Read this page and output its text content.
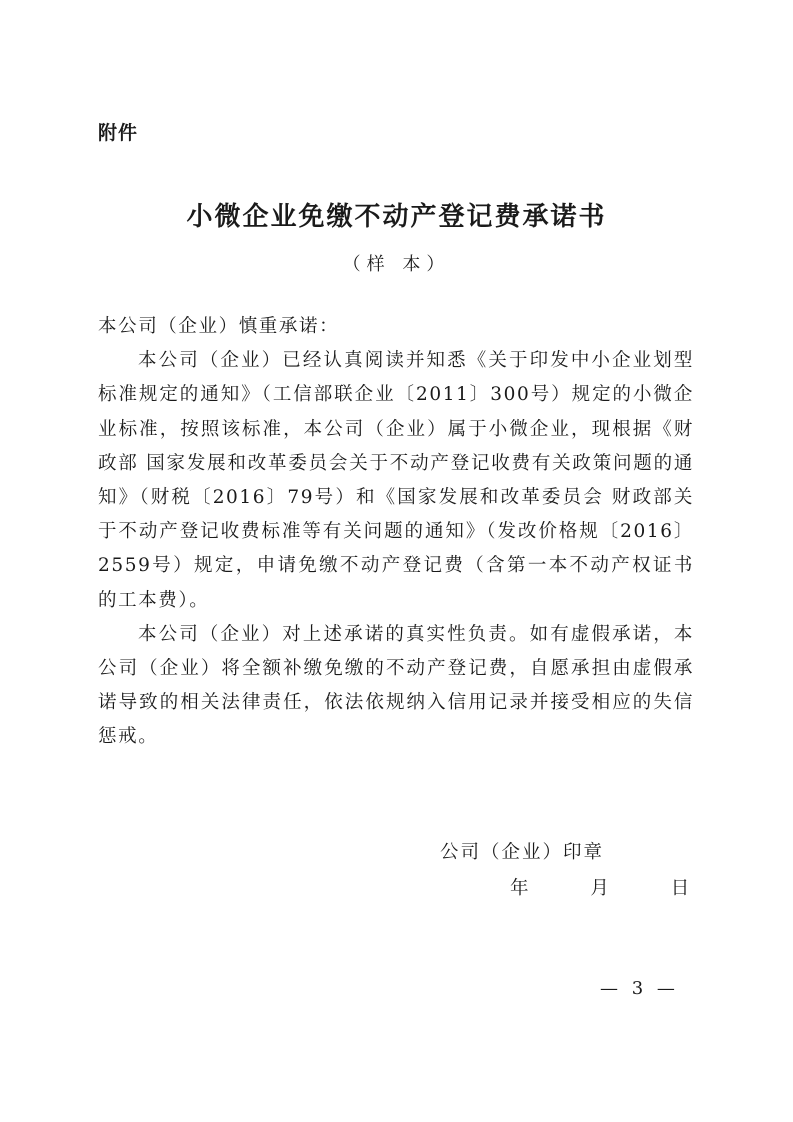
附件
小微企业免缴不动产登记费承诺书

（样 本）

本公司（企业）慎重承诺：

本公司（企业）已经认真阅读并知悉《关于印发中小企业划型标准规定的通知》（工信部联企业〔2011〕300号）规定的小微企业标准，按照该标准，本公司（企业）属于小微企业，现根据《财政部 国家发展和改革委员会关于不动产登记收费有关政策问题的通知》（财税〔2016〕79号）和《国家发展和改革委员会 财政部关于不动产登记收费标准等有关问题的通知》（发改价格规〔2016〕2559号）规定，申请免缴不动产登记费（含第一本不动产权证书的工本费）。

本公司（企业）对上述承诺的真实性负责。如有虚假承诺，本公司（企业）将全额补缴免缴的不动产登记费，自愿承担由虚假承诺导致的相关法律责任，依法依规纳入信用记录并接受相应的失信惩戒。

公司（企业）印章

年 月 日

— 3 —
